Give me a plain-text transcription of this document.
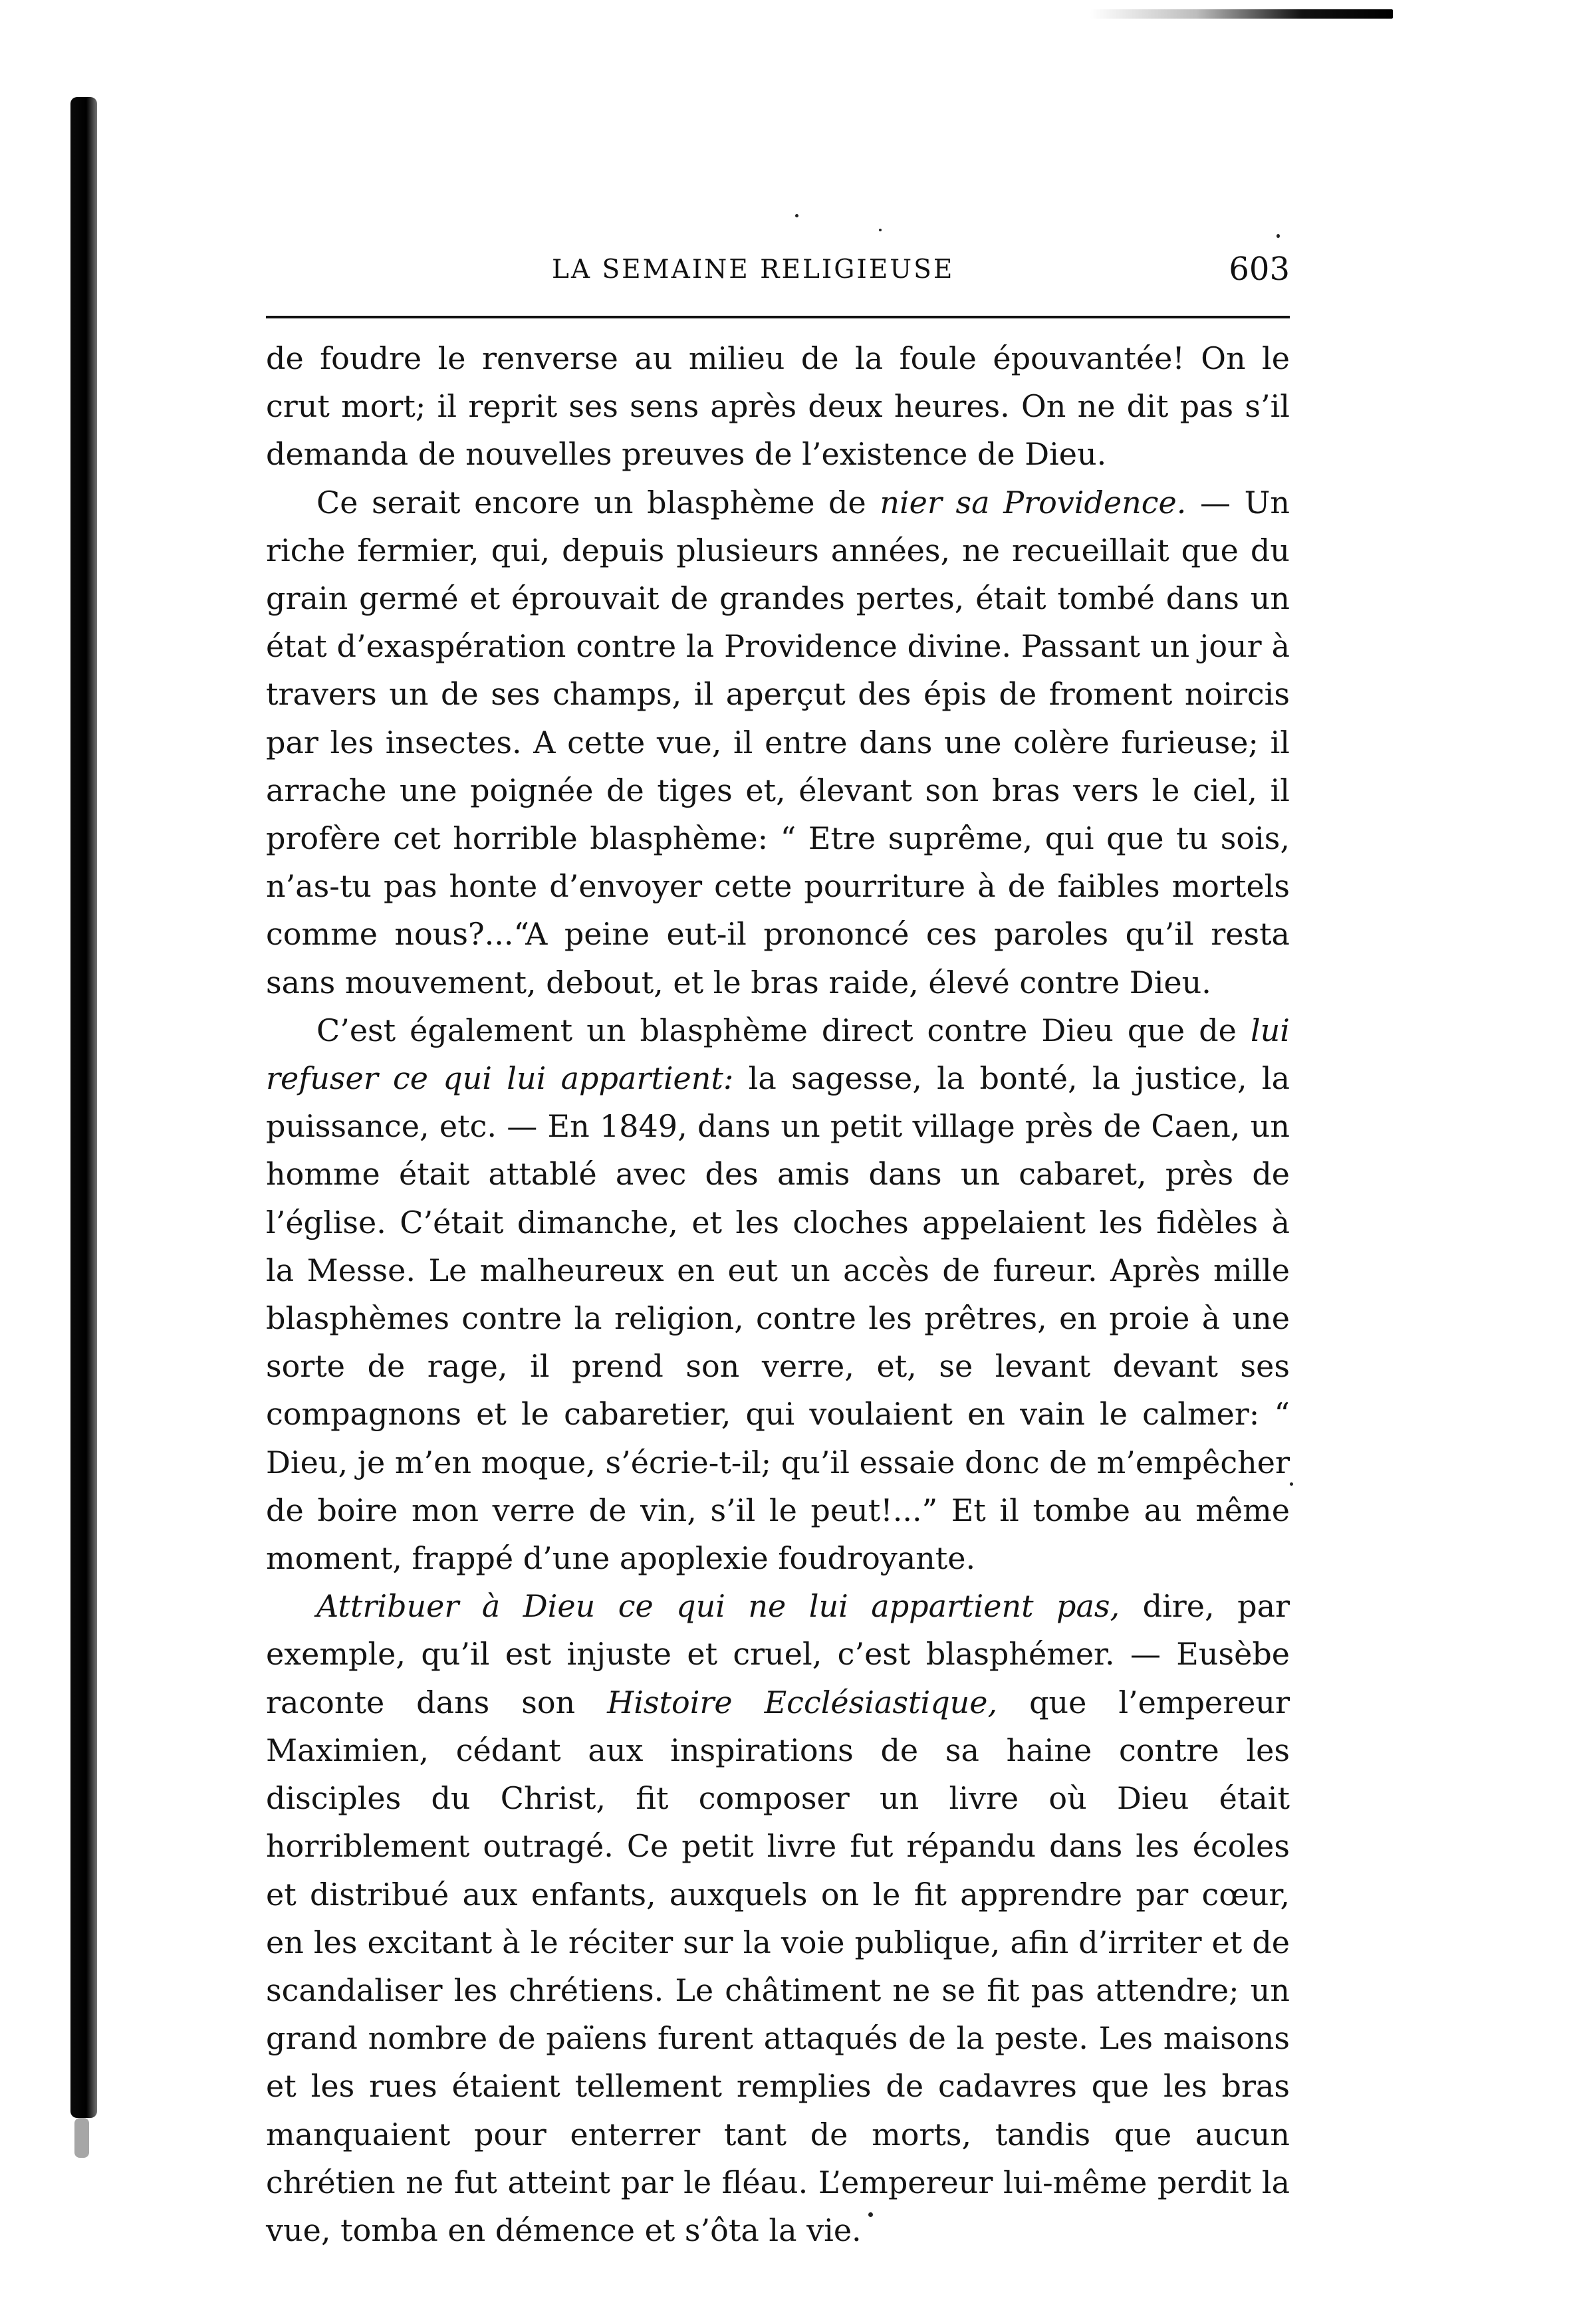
LA SEMAINE RELIGIEUSE	603

de foudre le renverse au milieu de la foule épouvantée! On le crut mort; il reprit ses sens après deux heures. On ne dit pas s’il demanda de nouvelles preuves de l’existence de Dieu.

Ce serait encore un blasphème de nier sa Providence. — Un riche fermier, qui, depuis plusieurs années, ne recueillait que du grain germé et éprouvait de grandes pertes, était tombé dans un état d’exaspération contre la Providence divine. Passant un jour à travers un de ses champs, il aperçut des épis de froment noircis par les insectes. A cette vue, il entre dans une colère furieuse; il arrache une poignée de tiges et, élevant son bras vers le ciel, il profère cet horrible blasphème: “ Etre suprême, qui que tu sois, n’as-tu pas honte d’envoyer cette pourriture à de faibles mortels comme nous?...“A peine eut-il prononcé ces paroles qu’il resta sans mouvement, debout, et le bras raide, élevé contre Dieu.

C’est également un blasphème direct contre Dieu que de lui refuser ce qui lui appartient: la sagesse, la bonté, la justice, la puissance, etc. — En 1849, dans un petit village près de Caen, un homme était attablé avec des amis dans un cabaret, près de l’église. C’était dimanche, et les cloches appelaient les fidèles à la Messe. Le malheureux en eut un accès de fureur. Après mille blasphèmes contre la religion, contre les prêtres, en proie à une sorte de rage, il prend son verre, et, se levant devant ses compagnons et le cabaretier, qui voulaient en vain le calmer: “ Dieu, je m’en moque, s’écrie-t-il; qu’il essaie donc de m’empêcher de boire mon verre de vin, s’il le peut!...” Et il tombe au même moment, frappé d’une apoplexie foudroyante.

Attribuer à Dieu ce qui ne lui appartient pas, dire, par exemple, qu’il est injuste et cruel, c’est blasphémer. — Eusèbe raconte dans son Histoire Ecclésiastique, que l’empereur Maximien, cédant aux inspirations de sa haine contre les disciples du Christ, fit composer un livre où Dieu était horriblement outragé. Ce petit livre fut répandu dans les écoles et distribué aux enfants, auxquels on le fit apprendre par cœur, en les excitant à le réciter sur la voie publique, afin d’irriter et de scandaliser les chrétiens. Le châtiment ne se fit pas attendre; un grand nombre de païens furent attaqués de la peste. Les maisons et les rues étaient tellement remplies de cadavres que les bras manquaient pour enterrer tant de morts, tandis que aucun chrétien ne fut atteint par le fléau. L’empereur lui-même perdit la vue, tomba en démence et s’ôta la vie.
